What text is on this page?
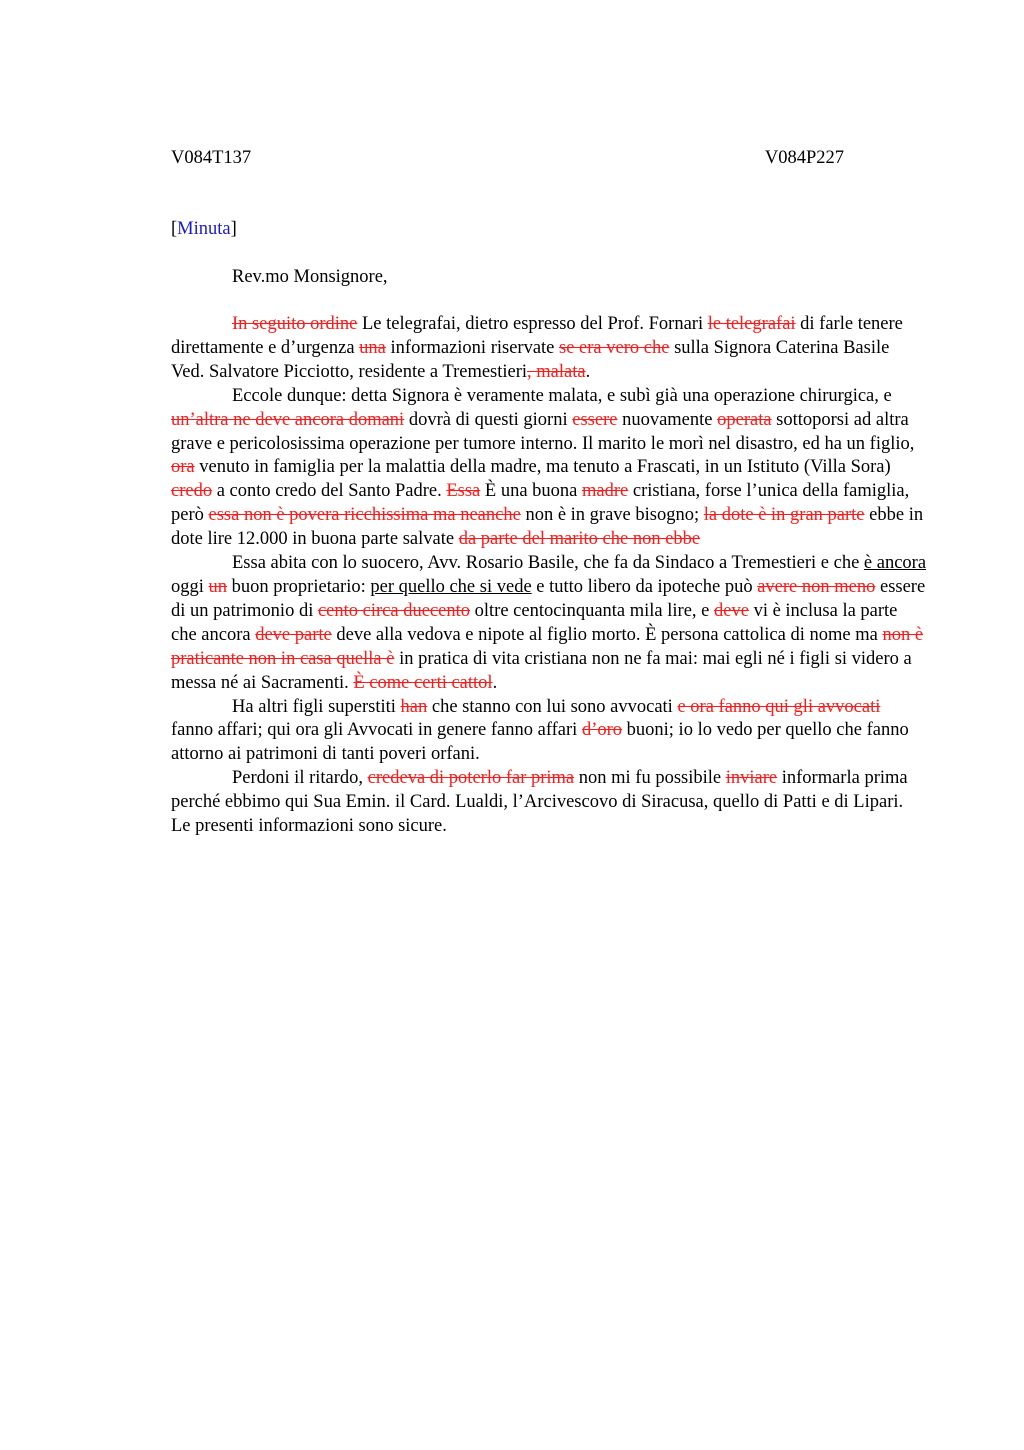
V084T137	V084P227
[Minuta]
Rev.mo Monsignore,

In seguito ordine Le telegrafai, dietro espresso del Prof. Fornari le telegrafai di farle tenere direttamente e d’urgenza una informazioni riservate se era vero che sulla Signora Caterina Basile Ved. Salvatore Picciotto, residente a Tremestieri, malata.

Eccole dunque: detta Signora è veramente malata, e subì già una operazione chirurgica, e un’altra ne deve ancora domani dovrà di questi giorni essere nuovamente operata sottoporsi ad altra grave e pericolosissima operazione per tumore interno. Il marito le morì nel disastro, ed ha un figlio, ora venuto in famiglia per la malattia della madre, ma tenuto a Frascati, in un Istituto (Villa Sora) credo a conto credo del Santo Padre. Essa È una buona madre cristiana, forse l’unica della famiglia, però essa non è povera ricchissima ma neanche non è in grave bisogno; la dote è in gran parte ebbe in dote lire 12.000 in buona parte salvate da parte del marito che non ebbe

Essa abita con lo suocero, Avv. Rosario Basile, che fa da Sindaco a Tremestieri e che è ancora oggi un buon proprietario: per quello che si vede e tutto libero da ipoteche può avere non meno essere di un patrimonio di cento circa duecento oltre centocinquanta mila lire, e deve vi è inclusa la parte che ancora deve parte deve alla vedova e nipote al figlio morto. È persona cattolica di nome ma non è praticante non in casa quella è in pratica di vita cristiana non ne fa mai: mai egli né i figli si videro a messa né ai Sacramenti. È come certi cattol.

Ha altri figli superstiti han che stanno con lui sono avvocati e ora fanno qui gli avvocati fanno affari; qui ora gli Avvocati in genere fanno affari d’oro buoni; io lo vedo per quello che fanno attorno ai patrimoni di tanti poveri orfani.

Perdoni il ritardo, credeva di poterlo far prima non mi fu possibile inviare informarla prima perché ebbimo qui Sua Emin. il Card. Lualdi, l’Arcivescovo di Siracusa, quello di Patti e di Lipari. Le presenti informazioni sono sicure.
